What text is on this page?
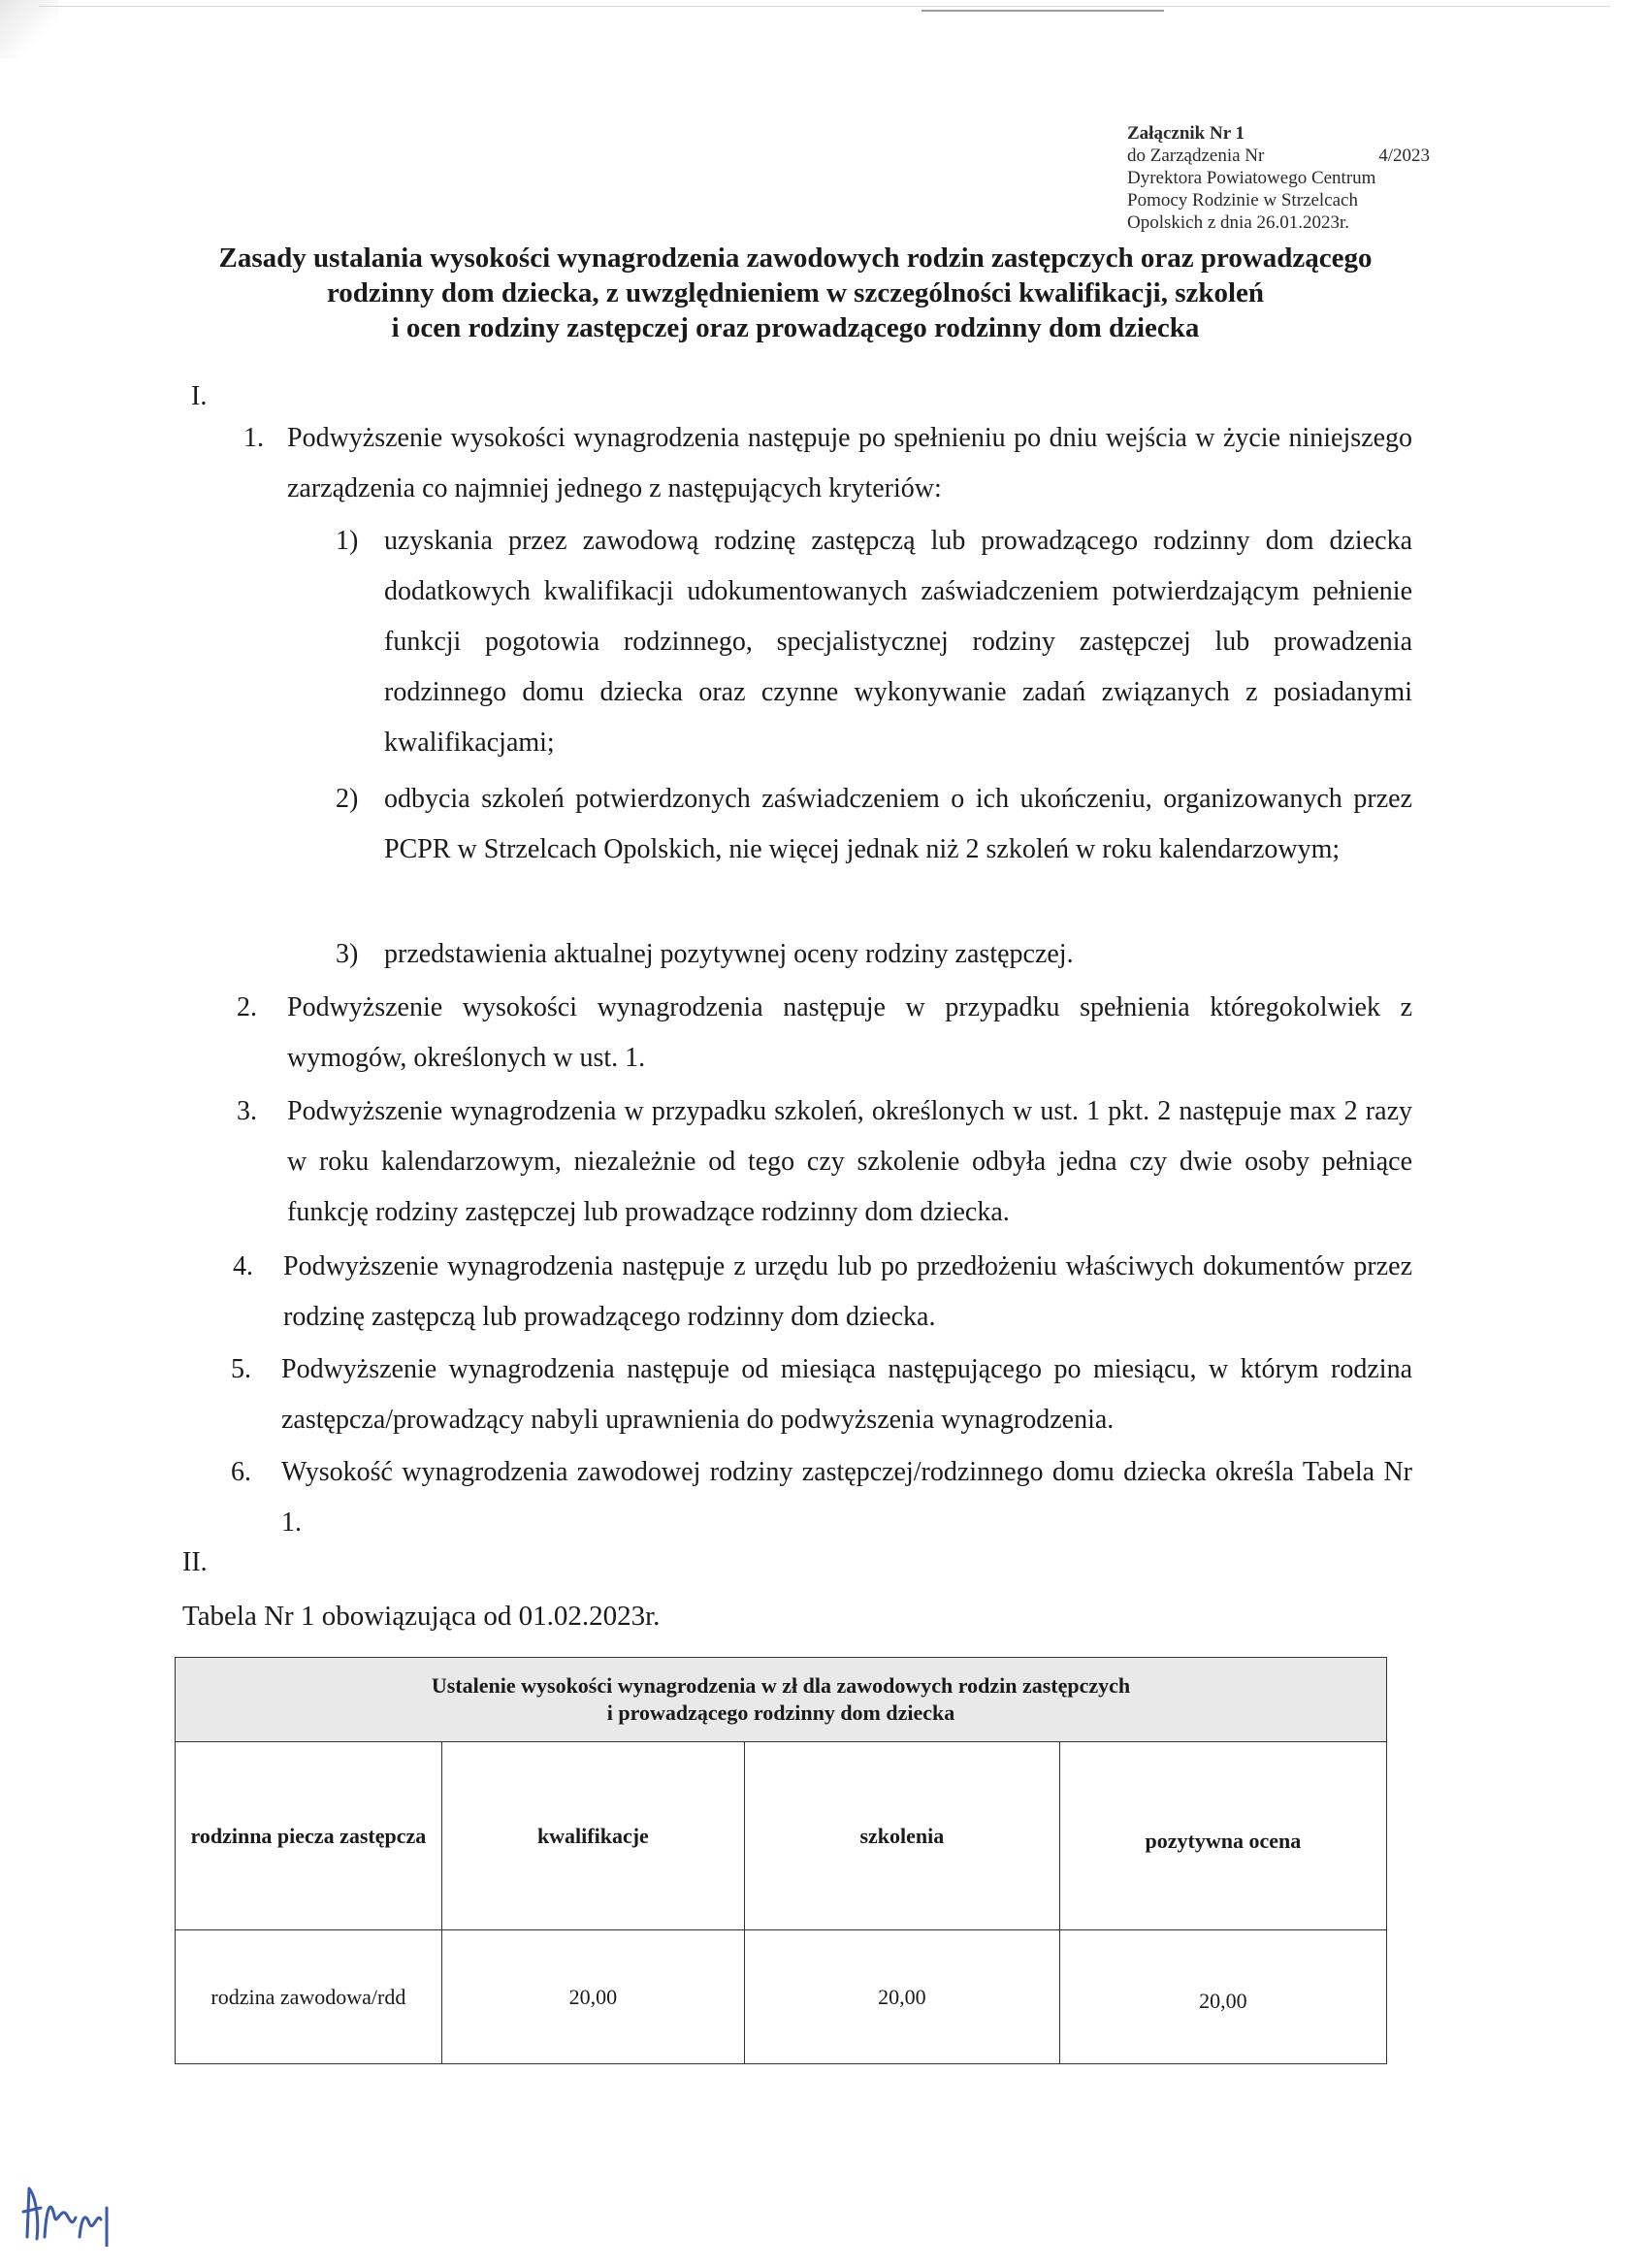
Załącznik Nr 1
do Zarządzenia Nr	4/2023
Dyrektora Powiatowego Centrum
Pomocy Rodzinie w Strzelcach
Opolskich z dnia 26.01.2023r.
Zasady ustalania wysokości wynagrodzenia zawodowych rodzin zastępczych oraz prowadzącego
rodzinny dom dziecka, z uwzględnieniem w szczególności kwalifikacji, szkoleń
i ocen rodziny zastępczej oraz prowadzącego rodzinny dom dziecka
I.
1. Podwyższenie wysokości wynagrodzenia następuje po spełnieniu po dniu wejścia w życie niniejszego zarządzenia co najmniej jednego z następujących kryteriów:
1) uzyskania przez zawodową rodzinę zastępczą lub prowadzącego rodzinny dom dziecka dodatkowych kwalifikacji udokumentowanych zaświadczeniem potwierdzającym pełnienie funkcji pogotowia rodzinnego, specjalistycznej rodziny zastępczej lub prowadzenia rodzinnego domu dziecka oraz czynne wykonywanie zadań związanych z posiadanymi kwalifikacjami;
2) odbycia szkoleń potwierdzonych zaświadczeniem o ich ukończeniu, organizowanych przez PCPR w Strzelcach Opolskich, nie więcej jednak niż 2 szkoleń w roku kalendarzowym;
3) przedstawienia aktualnej pozytywnej oceny rodziny zastępczej.
2. Podwyższenie wysokości wynagrodzenia następuje w przypadku spełnienia któregokolwiek z wymogów, określonych w ust. 1.
3. Podwyższenie wynagrodzenia w przypadku szkoleń, określonych w ust. 1 pkt. 2 następuje max 2 razy w roku kalendarzowym, niezależnie od tego czy szkolenie odbyła jedna czy dwie osoby pełniące funkcję rodziny zastępczej lub prowadzące rodzinny dom dziecka.
4. Podwyższenie wynagrodzenia następuje z urzędu lub po przedłożeniu właściwych dokumentów przez rodzinę zastępczą lub prowadzącego rodzinny dom dziecka.
5. Podwyższenie wynagrodzenia następuje od miesiąca następującego po miesiącu, w którym rodzina zastępcza/prowadzący nabyli uprawnienia do podwyższenia wynagrodzenia.
6. Wysokość wynagrodzenia zawodowej rodziny zastępczej/rodzinnego domu dziecka określa Tabela Nr 1.
II.
Tabela Nr 1 obowiązująca od 01.02.2023r.
Ustalenie wysokości wynagrodzenia w zł dla zawodowych rodzin zastępczych
i prowadzącego rodzinny dom dziecka			

rodzinna piecza zastępcza	kwalifikacje	szkolenia	pozytywna ocena
rodzina zawodowa/rdd	20,00	20,00	20,00
